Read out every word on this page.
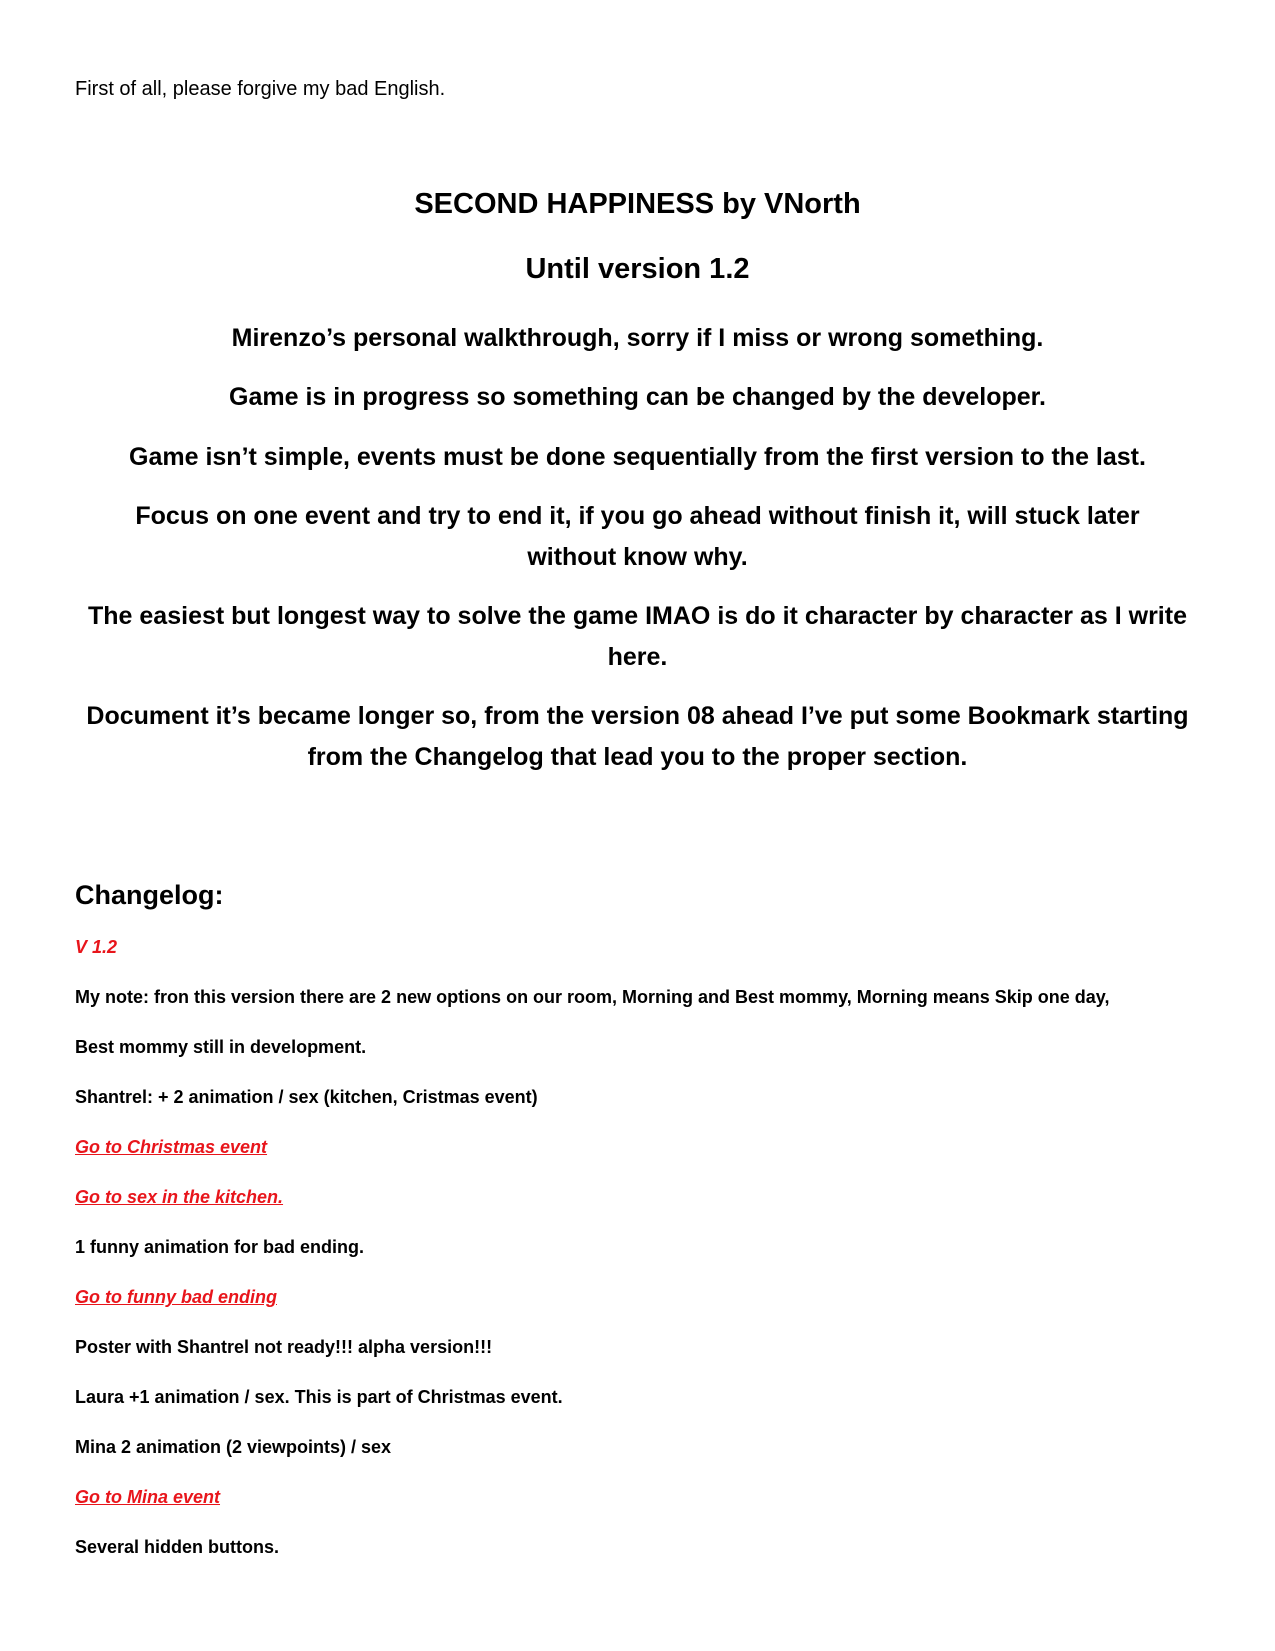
First of all, please forgive my bad English.
SECOND HAPPINESS by VNorth
Until version 1.2
Mirenzo’s personal walkthrough, sorry if I miss or wrong something.
Game is in progress so something can be changed by the developer.
Game isn’t simple, events must be done sequentially from the first version to the last.
Focus on one event and try to end it, if you go ahead without finish it, will stuck later without know why.
The easiest but longest way to solve the game IMAO is do it character by character as I write here.
Document it’s became longer so, from the version 08 ahead I’ve put some Bookmark starting from the Changelog that lead you to the proper section.
Changelog:
V 1.2
My note: fron this version there are 2 new options on our room, Morning and Best mommy, Morning means Skip one day,
Best mommy still in development.
Shantrel: + 2 animation / sex (kitchen, Cristmas event)
Go to Christmas event
Go to sex in the kitchen.
1 funny animation for bad ending.
Go to funny bad ending
Poster with Shantrel not ready!!! alpha version!!!
Laura +1 animation / sex. This is part of Christmas event.
Mina 2 animation (2 viewpoints) / sex
Go to Mina event
Several hidden buttons.
